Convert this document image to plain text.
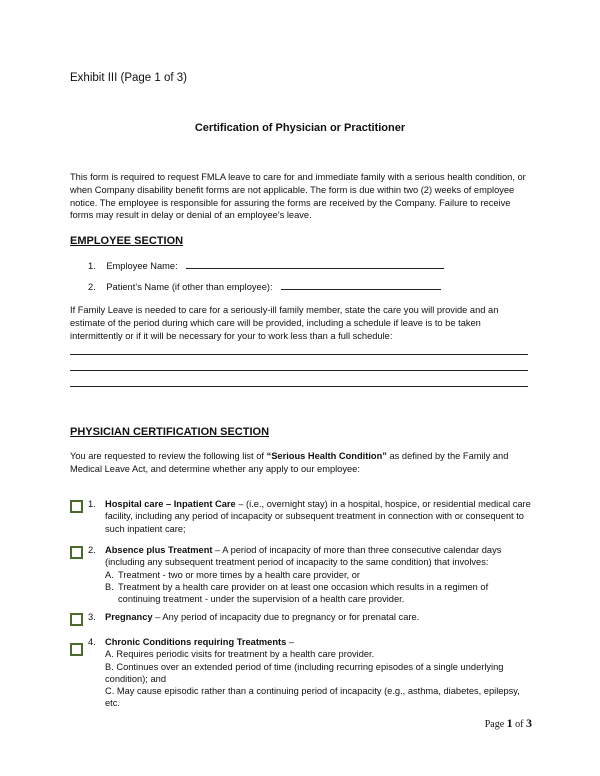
Exhibit III (Page 1 of 3)
Certification of Physician or Practitioner
This form is required to request FMLA leave to care for and immediate family with a serious health condition, or when Company disability benefit forms are not applicable. The form is due within two (2) weeks of employee notice. The employee is responsible for assuring the forms are received by the Company. Failure to receive forms may result in delay or denial of an employee’s leave.
EMPLOYEE SECTION
1. Employee Name:
2. Patient’s Name (if other than employee):
If Family Leave is needed to care for a seriously-ill family member, state the care you will provide and an estimate of the period during which care will be provided, including a schedule if leave is to be taken intermittently or if it will be necessary for your to work less than a full schedule:
PHYSICIAN CERTIFICATION SECTION
You are requested to review the following list of “Serious Health Condition” as defined by the Family and Medical Leave Act, and determine whether any apply to our employee:
1. Hospital care – Inpatient Care – (i.e., overnight stay) in a hospital, hospice, or residential medical care facility, including any period of incapacity or subsequent treatment in connection with or consequent to such inpatient care;
2. Absence plus Treatment – A period of incapacity of more than three consecutive calendar days (including any subsequent treatment period of incapacity to the same condition) that involves:
A. Treatment - two or more times by a health care provider, or
B. Treatment by a health care provider on at least one occasion which results in a regimen of continuing treatment - under the supervision of a health care provider.
3. Pregnancy – Any period of incapacity due to pregnancy or for prenatal care.
4. Chronic Conditions requiring Treatments –
A. Requires periodic visits for treatment by a health care provider.
B. Continues over an extended period of time (including recurring episodes of a single underlying condition); and
C. May cause episodic rather than a continuing period of incapacity (e.g., asthma, diabetes, epilepsy, etc.
Page 1 of 3
